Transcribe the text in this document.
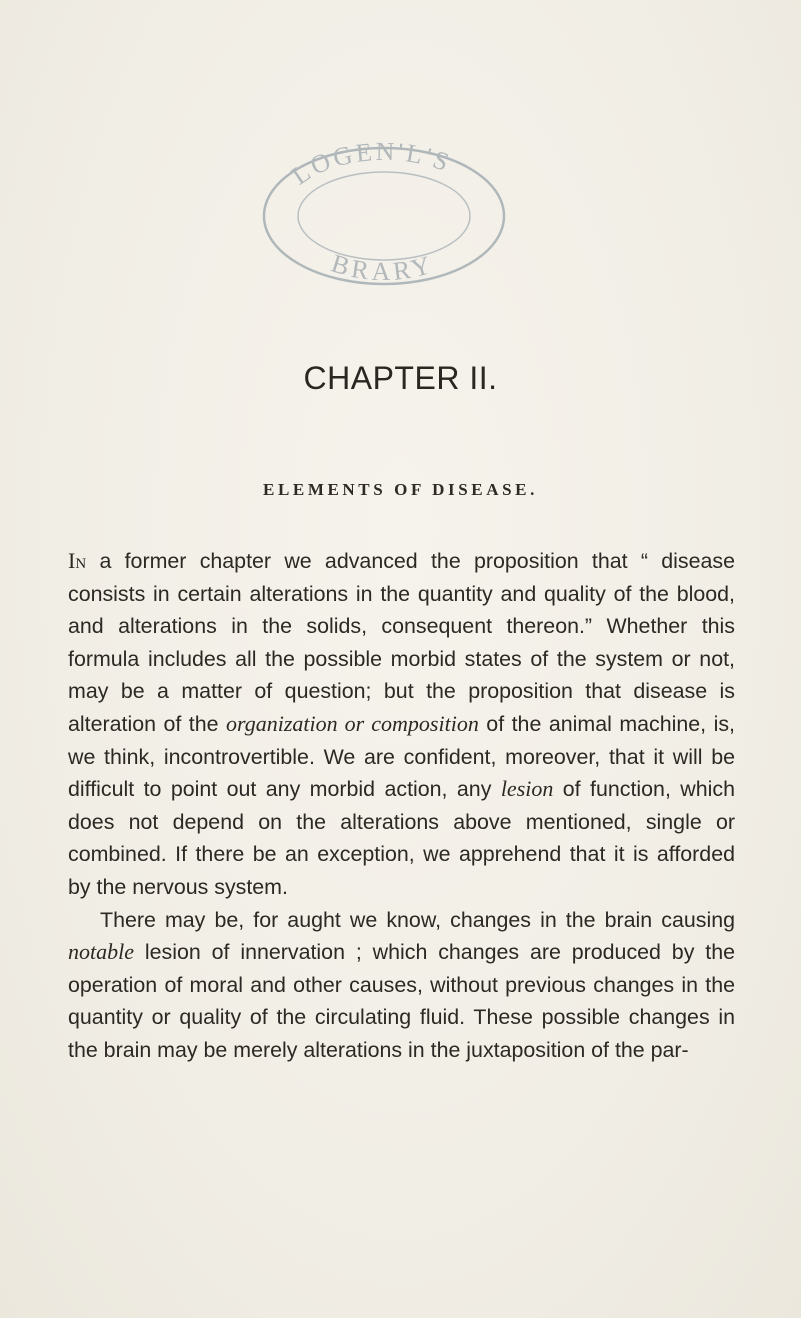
LOGEN'L'S
BRARY
CHAPTER II.
ELEMENTS OF DISEASE.

In a former chapter we advanced the proposition that “ disease consists in certain alterations in the quantity and quality of the blood, and alterations in the solids, consequent thereon.” Whether this formula includes all the possible morbid states of the system or not, may be a matter of question; but the proposition that disease is alteration of the organization or composition of the animal machine, is, we think, incontrovertible. We are confident, moreover, that it will be difficult to point out any morbid action, any lesion of function, which does not depend on the alterations above mentioned, single or combined. If there be an exception, we apprehend that it is afforded by the nervous system.

There may be, for aught we know, changes in the brain causing notable lesion of innervation ; which changes are produced by the operation of moral and other causes, without previous changes in the quantity or quality of the circulating fluid. These possible changes in the brain may be merely alterations in the juxtaposition of the par-
